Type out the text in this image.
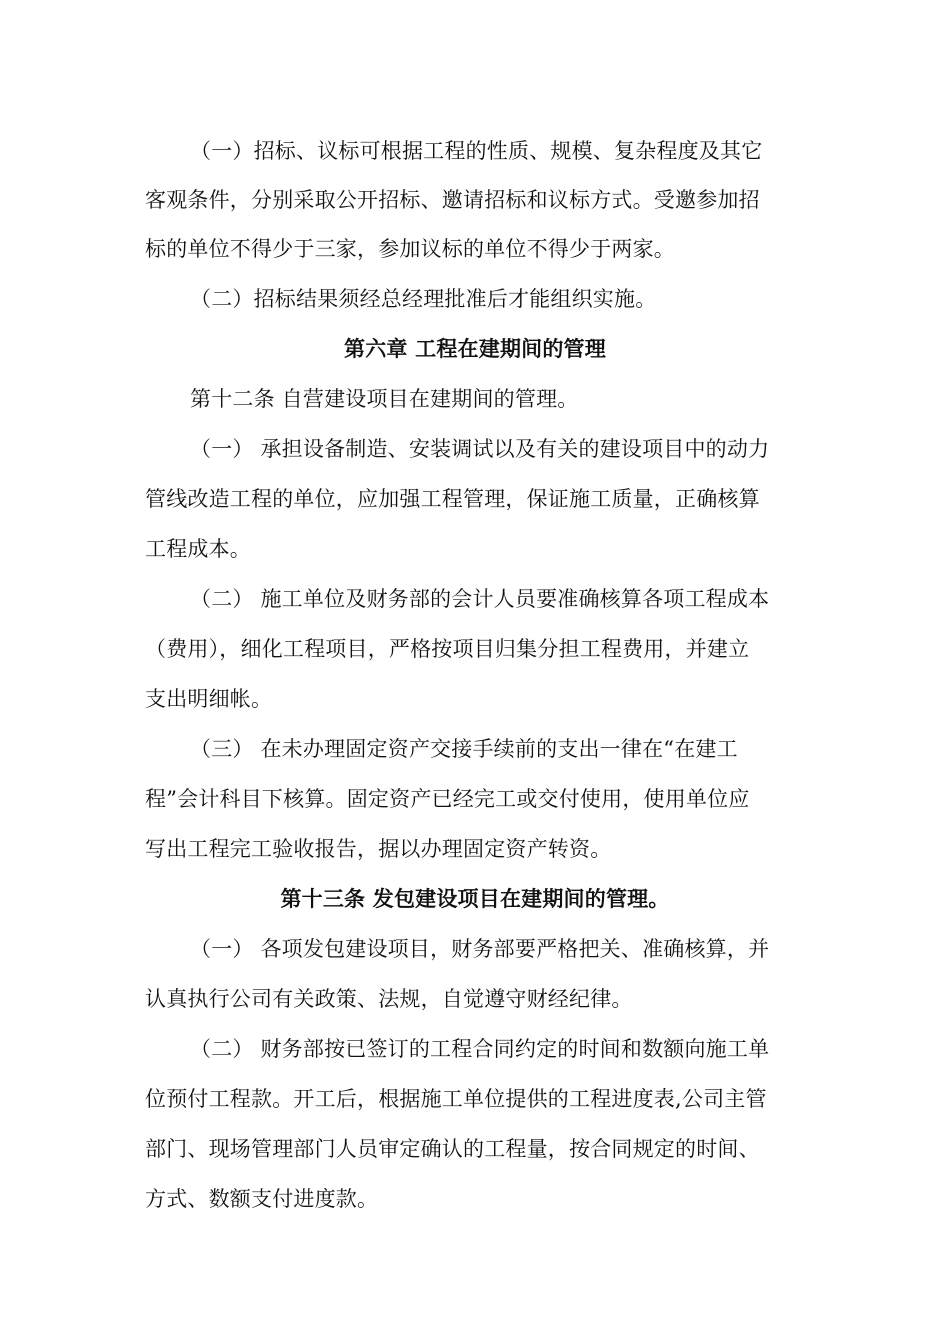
（一）招标、议标可根据工程的性质、规模、复杂程度及其它
客观条件，分别采取公开招标、邀请招标和议标方式。受邀参加招
标的单位不得少于三家，参加议标的单位不得少于两家。
（二）招标结果须经总经理批准后才能组织实施。
第六章 工程在建期间的管理
第十二条 自营建设项目在建期间的管理。
（一） 承担设备制造、安装调试以及有关的建设项目中的动力
管线改造工程的单位，应加强工程管理，保证施工质量，正确核算
工程成本。
（二） 施工单位及财务部的会计人员要准确核算各项工程成本
（费用），细化工程项目，严格按项目归集分担工程费用，并建立
支出明细帐。
（三） 在未办理固定资产交接手续前的支出一律在“在建工
程”会计科目下核算。固定资产已经完工或交付使用，使用单位应
写出工程完工验收报告，据以办理固定资产转资。
第十三条 发包建设项目在建期间的管理。
（一） 各项发包建设项目，财务部要严格把关、准确核算，并
认真执行公司有关政策、法规，自觉遵守财经纪律。
（二） 财务部按已签订的工程合同约定的时间和数额向施工单
位预付工程款。开工后，根据施工单位提供的工程进度表,公司主管
部门、现场管理部门人员审定确认的工程量，按合同规定的时间、
方式、数额支付进度款。
